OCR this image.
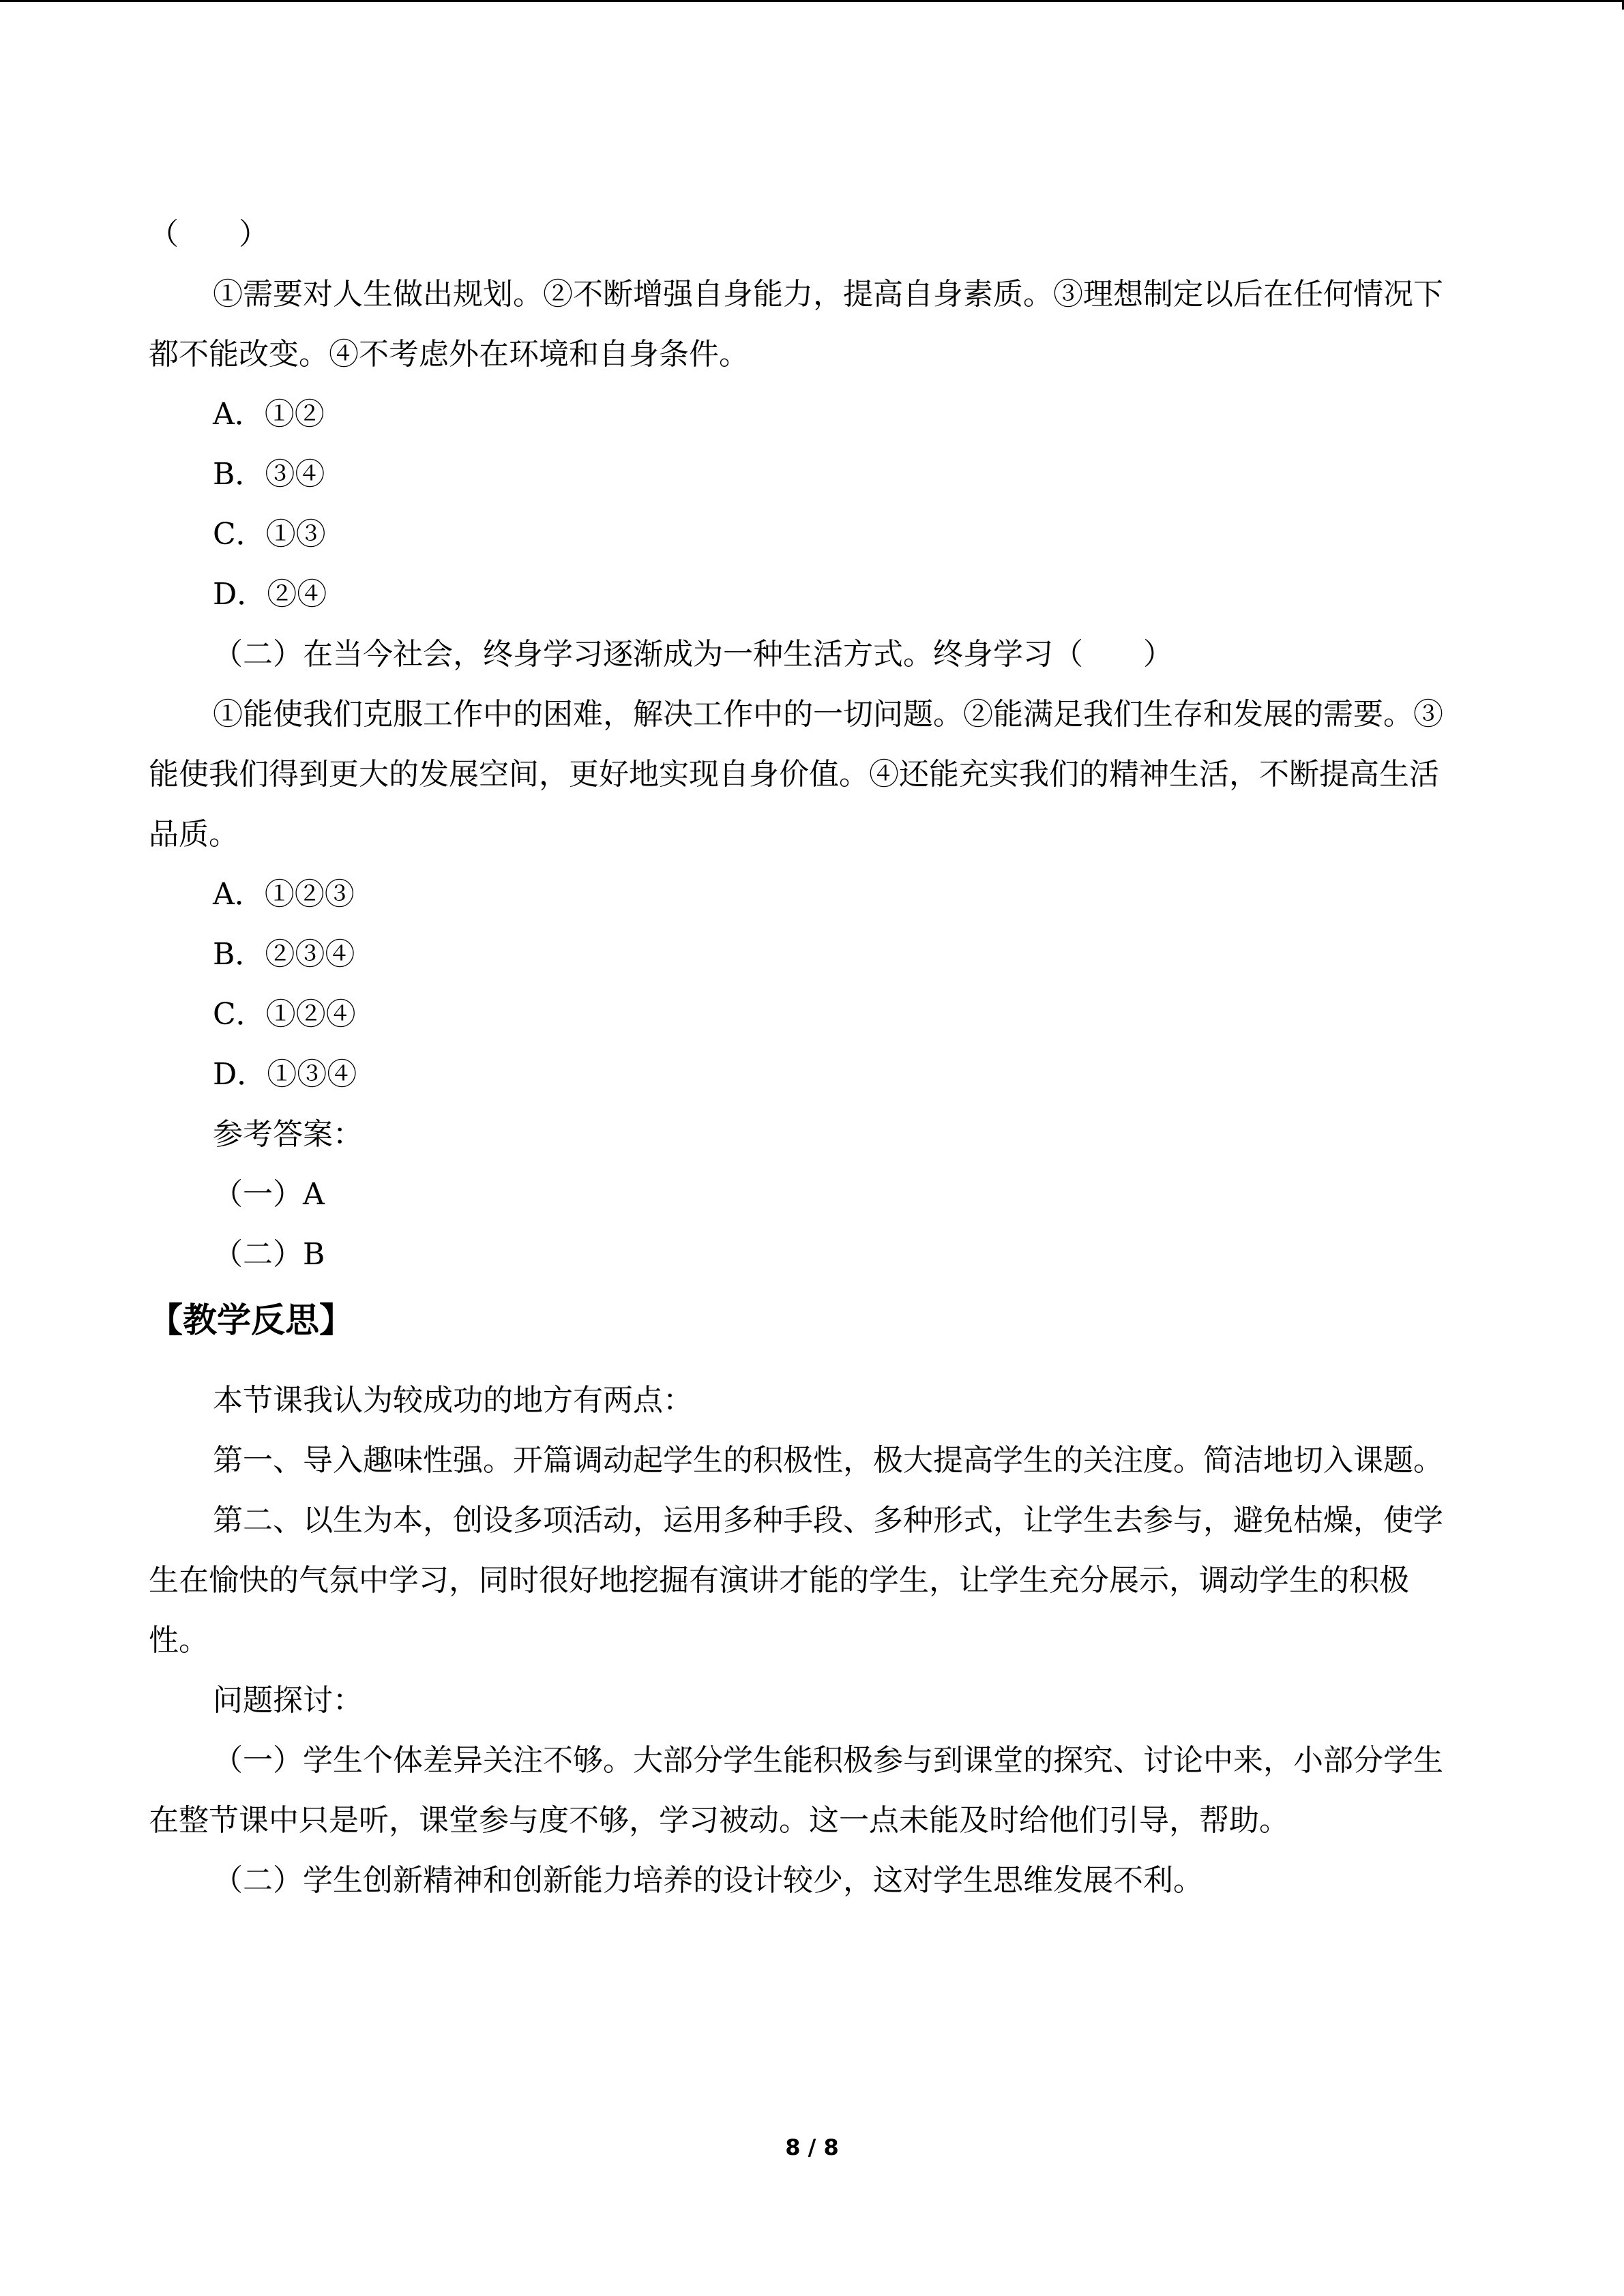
（　　）

①需要对人生做出规划。②不断增强自身能力，提高自身素质。③理想制定以后在任何情况下都不能改变。④不考虑外在环境和自身条件。

A．①②

B．③④

C．①③

D．②④

（二）在当今社会，终身学习逐渐成为一种生活方式。终身学习（　　）

①能使我们克服工作中的困难，解决工作中的一切问题。②能满足我们生存和发展的需要。③能使我们得到更大的发展空间，更好地实现自身价值。④还能充实我们的精神生活，不断提高生活品质。

A．①②③

B．②③④

C．①②④

D．①③④

参考答案：

（一）A

（二）B

【教学反思】

本节课我认为较成功的地方有两点：

第一、导入趣味性强。开篇调动起学生的积极性，极大提高学生的关注度。简洁地切入课题。

第二、以生为本，创设多项活动，运用多种手段、多种形式，让学生去参与，避免枯燥，使学生在愉快的气氛中学习，同时很好地挖掘有演讲才能的学生，让学生充分展示，调动学生的积极性。

问题探讨：

（一）学生个体差异关注不够。大部分学生能积极参与到课堂的探究、讨论中来，小部分学生在整节课中只是听，课堂参与度不够，学习被动。这一点未能及时给他们引导，帮助。

（二）学生创新精神和创新能力培养的设计较少，这对学生思维发展不利。

8 / 8
